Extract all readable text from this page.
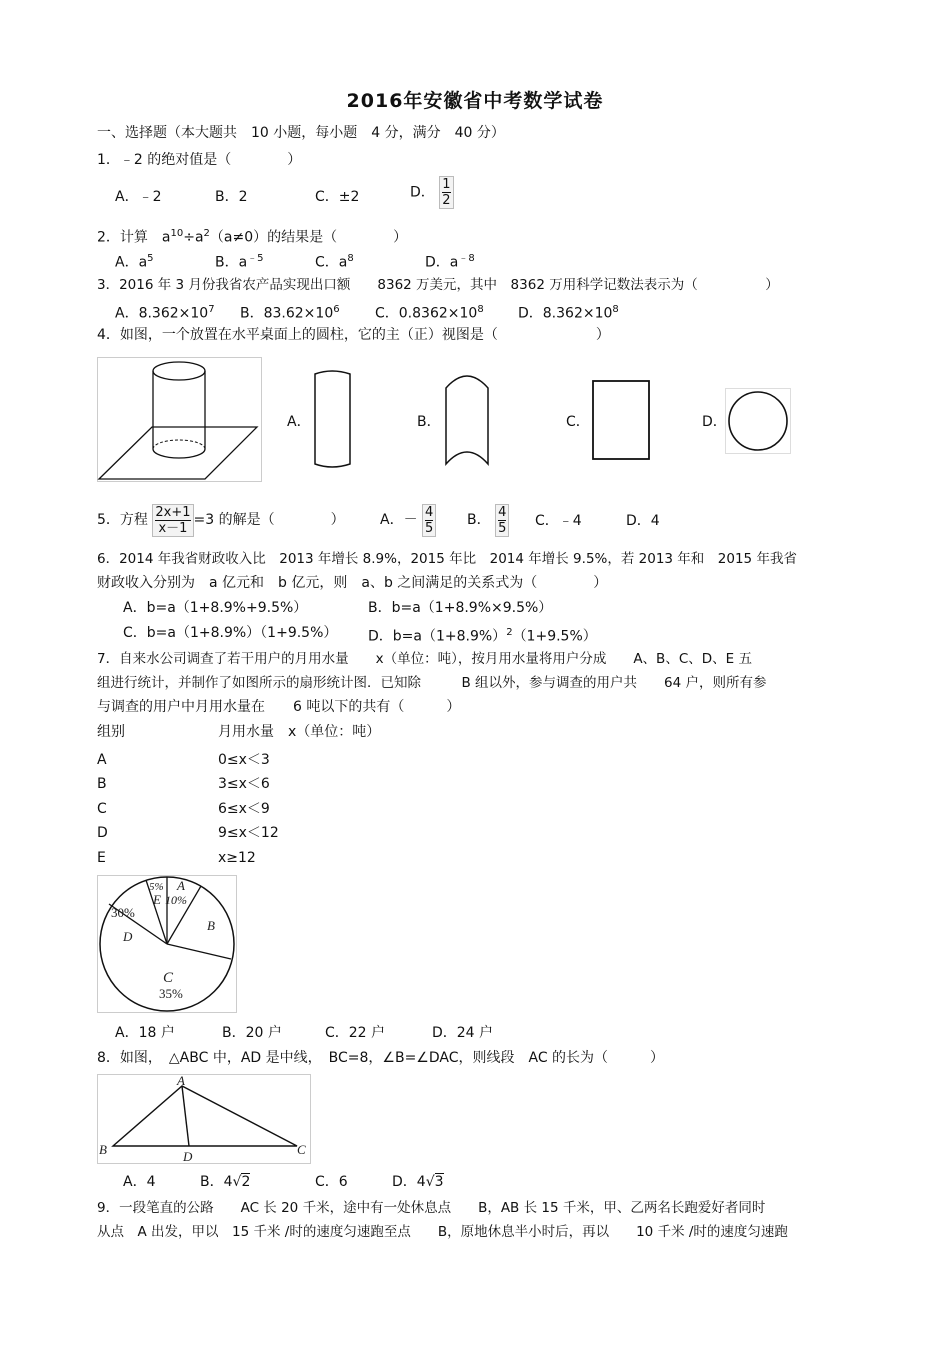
2016年安徽省中考数学试卷
一、选择题（本大题共　10 小题，每小题　4 分，满分　40 分）
1．﹣2 的绝对值是（　　　　）
A．﹣2	B．2	C．±2	D． $\frac{1}{2}$
2．计算　$a^{10}\div a^2(a\ne 0)$的结果是（　　　　）
A．$a^5$	B．$a^{﹣5}$	C．$a^8$	D．$a^{﹣8}$
3．2016 年 3 月份我省农产品实现出口额　　8362 万美元，其中　8362 万用科学记数法表示为（　　　　　）
A．$8.362\times 10^7$ B．$83.62\times 10^6$	C．$0.8362\times 10^8$ D．$8.362\times 10^8$
4．如图，一个放置在水平桌面上的圆柱，它的主（正）视图是（　　　　　　　）
A．	B．	C．	D．
5．方程 $\frac{2x+1}{x-1} =3$ 的解是（　　　　）	A．－ $\frac{4}{5}$ B． $\frac{4}{5}$ C．﹣4	D．4
6．2014 年我省财政收入比　2013 年增长 8.9%，2015 年比　2014 年增长 9.5%，若 2013 年和　2015 年我省
财政收入分别为　a 亿元和　b 亿元，则　a、b 之间满足的关系式为（　　　　）
A．b=a（1+8.9%+9.5%）	B．b=a（1+8.9%×9.5%）
C．b=a（1+8.9%）（1+9.5%） D．$b=a(1+8.9\%)^2(1+9.5\%)$
7．自来水公司调查了若干用户的月用水量　　x（单位：吨），按月用水量将用户分成　　A、B、C、D、E 五
组进行统计，并制作了如图所示的扇形统计图．已知除　　　B 组以外，参与调查的用户共　　64 户，则所有参
与调查的用户中月用水量在　　6 吨以下的共有（　　　）
组别	月用水量　x（单位：吨）
A	0≤x＜3
B	3≤x＜6
C	6≤x＜9
D	9≤x＜12
E	x≥12
5%
E
A
10%
B
30%
D
C
35%
A．18 户	B．20 户	C．22 户	D．24 户
8．如图，　△ABC 中，AD 是中线，　BC=8，∠B=∠DAC，则线段　AC 的长为（　　　）
A
B	C
D
A．4	B．4√2	C．6	D．4√3
9．一段笔直的公路　　AC 长 20 千米，途中有一处休息点　　B，AB 长 15 千米，甲、乙两名长跑爱好者同时
从点　A 出发，甲以　15 千米 /时的速度匀速跑至点　　B，原地休息半小时后，再以　　10 千米 /时的速度匀速跑
